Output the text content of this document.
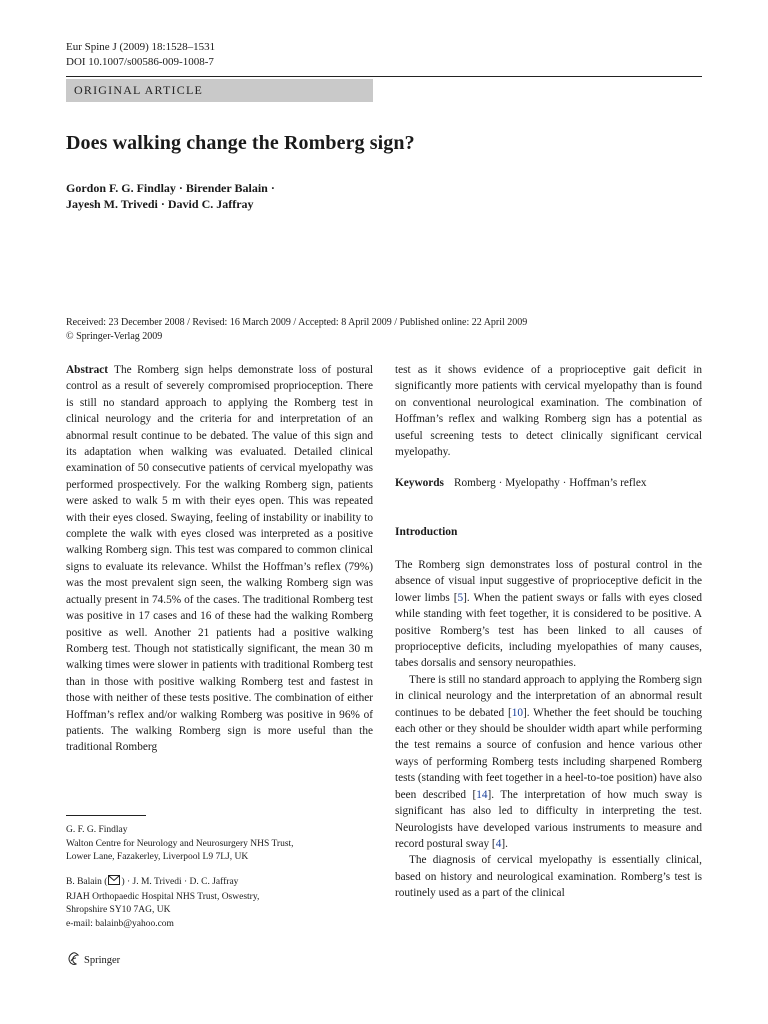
Eur Spine J (2009) 18:1528–1531
DOI 10.1007/s00586-009-1008-7
ORIGINAL ARTICLE
Does walking change the Romberg sign?
Gordon F. G. Findlay · Birender Balain ·
Jayesh M. Trivedi · David C. Jaffray
Received: 23 December 2008 / Revised: 16 March 2009 / Accepted: 8 April 2009 / Published online: 22 April 2009
© Springer-Verlag 2009

Abstract The Romberg sign helps demonstrate loss of postural control as a result of severely compromised proprioception. There is still no standard approach to applying the Romberg test in clinical neurology and the criteria for and interpretation of an abnormal result continue to be debated. The value of this sign and its adaptation when walking was evaluated. Detailed clinical examination of 50 consecutive patients of cervical myelopathy was performed prospectively. For the walking Romberg sign, patients were asked to walk 5 m with their eyes open. This was repeated with their eyes closed. Swaying, feeling of instability or inability to complete the walk with eyes closed was interpreted as a positive walking Romberg sign. This test was compared to common clinical signs to evaluate its relevance. Whilst the Hoffman’s reflex (79%) was the most prevalent sign seen, the walking Romberg sign was actually present in 74.5% of the cases. The traditional Romberg test was positive in 17 cases and 16 of these had the walking Romberg positive as well. Another 21 patients had a positive walking Romberg test. Though not statistically significant, the mean 30 m walking times were slower in patients with traditional Romberg test than in those with positive walking Romberg test and fastest in those with neither of these tests positive. The combination of either Hoffman’s reflex and/or walking Romberg was positive in 96% of patients. The walking Romberg sign is more useful than the traditional Romberg

test as it shows evidence of a proprioceptive gait deficit in significantly more patients with cervical myelopathy than is found on conventional neurological examination. The combination of Hoffman’s reflex and walking Romberg sign has a potential as useful screening tests to detect clinically significant cervical myelopathy.

Keywords Romberg · Myelopathy · Hoffman’s reflex
Introduction

The Romberg sign demonstrates loss of postural control in the absence of visual input suggestive of proprioceptive deficit in the lower limbs [5]. When the patient sways or falls with eyes closed while standing with feet together, it is considered to be positive. A positive Romberg’s test has been linked to all causes of proprioceptive deficits, including myelopathies of many causes, tabes dorsalis and sensory neuropathies.

There is still no standard approach to applying the Romberg sign in clinical neurology and the interpretation of an abnormal result continues to be debated [10]. Whether the feet should be touching each other or they should be shoulder width apart while performing the test remains a source of confusion and hence various other ways of performing Romberg tests including sharpened Romberg tests (standing with feet together in a heel-to-toe position) have also been described [14]. The interpretation of how much sway is significant has also led to difficulty in interpreting the test. Neurologists have developed various instruments to measure and record postural sway [4].

The diagnosis of cervical myelopathy is essentially clinical, based on history and neurological examination. Romberg’s test is routinely used as a part of the clinical

G. F. G. Findlay
Walton Centre for Neurology and Neurosurgery NHS Trust,
Lower Lane, Fazakerley, Liverpool L9 7LJ, UK
B. Balain ( ) · J. M. Trivedi · D. C. Jaffray
RJAH Orthopaedic Hospital NHS Trust, Oswestry,
Shropshire SY10 7AG, UK
e-mail: balainb@yahoo.com
Springer
